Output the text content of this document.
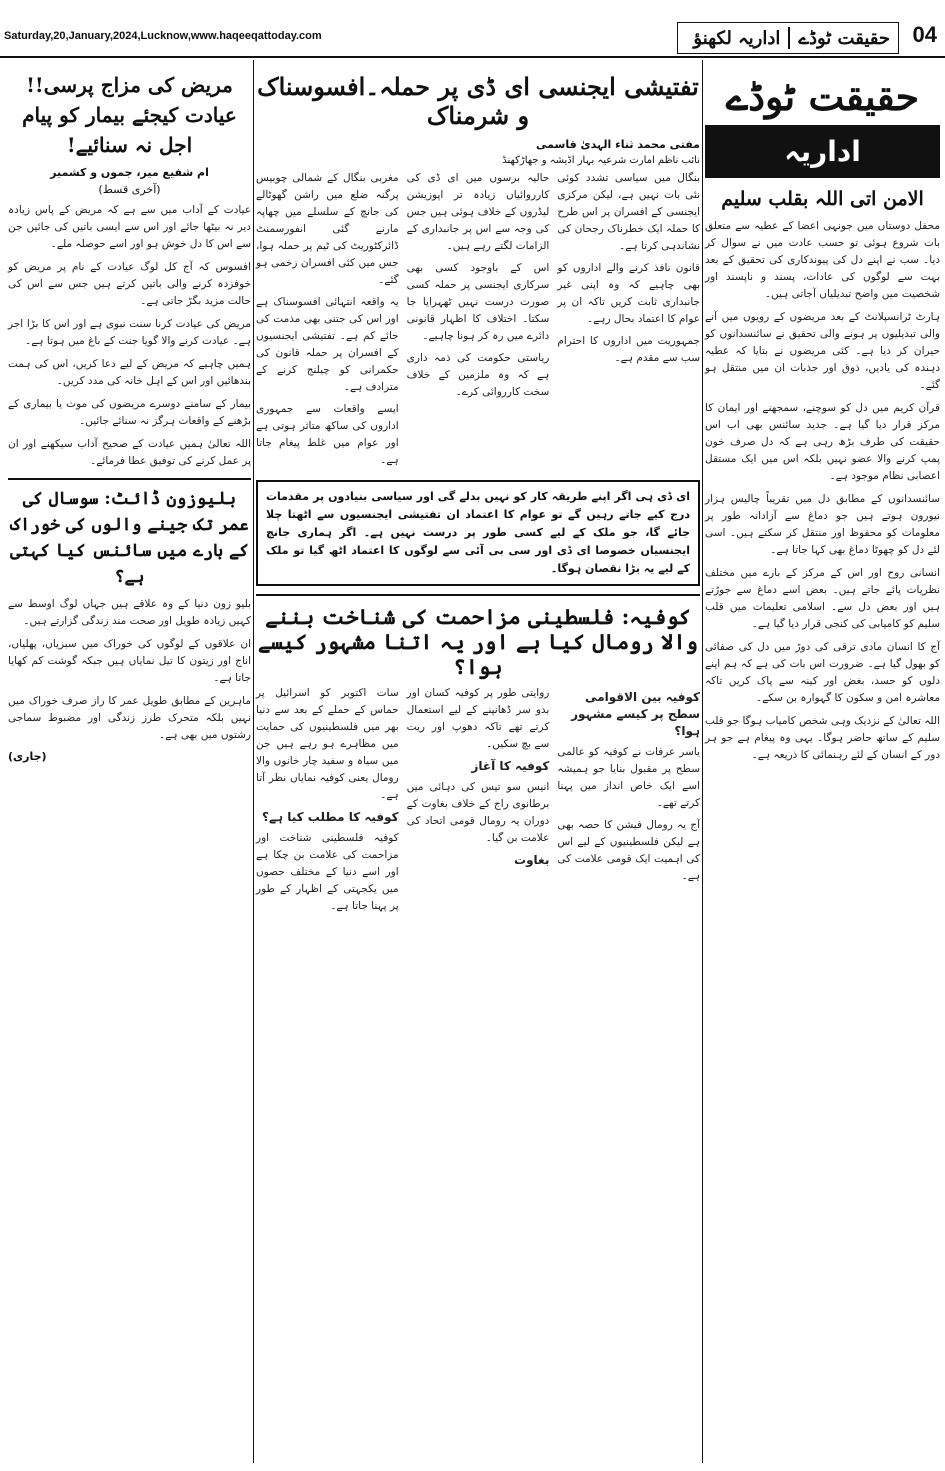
Saturday,20,January,2024,Lucknow,www.haqeeqattoday.com	حقیقت ٹوڈے
اداریہ لکھنؤ	04
حقیقت ٹوڈے
اداریہ
الامن اتی اللہ بقلب سلیم

محفل دوستاں میں جونہی اعضا کے عطیہ سے متعلق بات شروع ہوئی تو حسب عادت میں نے سوال کر دیا۔ سب نے اپنے دل کی پیوندکاری کی تحقیق کے بعد بہت سے لوگوں کی عادات، پسند و ناپسند اور شخصیت میں واضح تبدیلیاں آجاتی ہیں۔

ہارٹ ٹرانسپلانٹ کے بعد مریضوں کے رویوں میں آنے والی تبدیلیوں پر ہونے والی تحقیق نے سائنسدانوں کو حیران کر دیا ہے۔ کئی مریضوں نے بتایا کہ عطیہ دہندہ کی یادیں، ذوق اور جذبات ان میں منتقل ہو گئے۔

قرآن کریم میں دل کو سوچنے، سمجھنے اور ایمان کا مرکز قرار دیا گیا ہے۔ جدید سائنس بھی اب اس حقیقت کی طرف بڑھ رہی ہے کہ دل صرف خون پمپ کرنے والا عضو نہیں بلکہ اس میں ایک مستقل اعصابی نظام موجود ہے۔

سائنسدانوں کے مطابق دل میں تقریباً چالیس ہزار نیورون ہوتے ہیں جو دماغ سے آزادانہ طور پر معلومات کو محفوظ اور منتقل کر سکتے ہیں۔ اسی لئے دل کو چھوٹا دماغ بھی کہا جاتا ہے۔

انسانی روح اور اس کے مرکز کے بارے میں مختلف نظریات پائے جاتے ہیں۔ بعض اسے دماغ سے جوڑتے ہیں اور بعض دل سے۔ اسلامی تعلیمات میں قلب سلیم کو کامیابی کی کنجی قرار دیا گیا ہے۔

آج کا انسان مادی ترقی کی دوڑ میں دل کی صفائی کو بھول گیا ہے۔ ضرورت اس بات کی ہے کہ ہم اپنے دلوں کو حسد، بغض اور کینہ سے پاک کریں تاکہ معاشرہ امن و سکون کا گہوارہ بن سکے۔

اللہ تعالیٰ کے نزدیک وہی شخص کامیاب ہوگا جو قلب سلیم کے ساتھ حاضر ہوگا۔ یہی وہ پیغام ہے جو ہر دور کے انسان کے لئے رہنمائی کا ذریعہ ہے۔

تفتیشی ایجنسی ای ڈی پر حملہ۔افسوسناک و شرمناک
مفتی محمد ثناء الہدیٰ قاسمی
نائب ناظم امارت شرعیہ بہار اڈیشہ و جھاڑکھنڈ

مغربی بنگال کے شمالی چوبیس پرگنہ ضلع میں راشن گھوٹالے کی جانچ کے سلسلے میں چھاپہ مارنے گئی انفورسمنٹ ڈائرکٹوریٹ کی ٹیم پر حملہ ہوا، جس میں کئی افسران زخمی ہو گئے۔

یہ واقعہ انتہائی افسوسناک ہے اور اس کی جتنی بھی مذمت کی جائے کم ہے۔ تفتیشی ایجنسیوں کے افسران پر حملہ قانون کی حکمرانی کو چیلنج کرنے کے مترادف ہے۔

ایسے واقعات سے جمہوری اداروں کی ساکھ متاثر ہوتی ہے اور عوام میں غلط پیغام جاتا ہے۔

حالیہ برسوں میں ای ڈی کی کارروائیاں زیادہ تر اپوزیشن لیڈروں کے خلاف ہوئی ہیں جس کی وجہ سے اس پر جانبداری کے الزامات لگتے رہے ہیں۔

اس کے باوجود کسی بھی سرکاری ایجنسی پر حملہ کسی صورت درست نہیں ٹھہرایا جا سکتا۔ اختلاف کا اظہار قانونی دائرے میں رہ کر ہونا چاہیے۔

ریاستی حکومت کی ذمہ داری ہے کہ وہ ملزمین کے خلاف سخت کارروائی کرے۔

بنگال میں سیاسی تشدد کوئی نئی بات نہیں ہے، لیکن مرکزی ایجنسی کے افسران پر اس طرح کا حملہ ایک خطرناک رجحان کی نشاندہی کرتا ہے۔

قانون نافذ کرنے والے اداروں کو بھی چاہیے کہ وہ اپنی غیر جانبداری ثابت کریں تاکہ ان پر عوام کا اعتماد بحال رہے۔

جمہوریت میں اداروں کا احترام سب سے مقدم ہے۔

ای ڈی ہی اگر اپنے طریقہ کار کو نہیں بدلے گی اور سیاسی بنیادوں پر مقدمات درج کیے جاتے رہیں گے تو عوام کا اعتماد ان تفتیشی ایجنسیوں سے اٹھتا چلا جائے گا، جو ملک کے لیے کسی طور پر درست نہیں ہے۔ اگر ہماری جانچ ایجنسیاں خصوصا ای ڈی اور سی بی آئی سے لوگوں کا اعتماد اٹھ گیا تو ملک کے لیے یہ بڑا نقصان ہوگا۔
کوفیہ: فلسطینی مزاحمت کی شناخت بننے والا رومال کیا ہے اور یہ اتنا مشہور کیسے ہوا؟

سات اکتوبر کو اسرائیل پر حماس کے حملے کے بعد سے دنیا بھر میں فلسطینیوں کی حمایت میں مظاہرے ہو رہے ہیں جن میں سیاہ و سفید چار خانوں والا رومال یعنی کوفیہ نمایاں نظر آتا ہے۔

کوفیہ کا مطلب کیا ہے؟

کوفیہ فلسطینی شناخت اور مزاحمت کی علامت بن چکا ہے اور اسے دنیا کے مختلف حصوں میں یکجہتی کے اظہار کے طور پر پہنا جاتا ہے۔

روایتی طور پر کوفیہ کسان اور بدو سر ڈھانپنے کے لیے استعمال کرتے تھے تاکہ دھوپ اور ریت سے بچ سکیں۔

کوفیہ کا آغاز

انیس سو تیس کی دہائی میں برطانوی راج کے خلاف بغاوت کے دوران یہ رومال قومی اتحاد کی علامت بن گیا۔

بغاوت
کوفیہ بین الاقوامی سطح پر کیسے مشہور ہوا؟

یاسر عرفات نے کوفیہ کو عالمی سطح پر مقبول بنایا جو ہمیشہ اسے ایک خاص انداز میں پہنا کرتے تھے۔

آج یہ رومال فیشن کا حصہ بھی ہے لیکن فلسطینیوں کے لیے اس کی اہمیت ایک قومی علامت کی ہے۔

مریض کی مزاج پرسی!! عیادت کیجئے بیمار کو پیام اجل نہ سنائیے!
ام شفیع میر، جموں و کشمیر
(آخری قسط)

عیادت کے آداب میں سے ہے کہ مریض کے پاس زیادہ دیر نہ بیٹھا جائے اور اس سے ایسی باتیں کی جائیں جن سے اس کا دل خوش ہو اور اسے حوصلہ ملے۔

افسوس کہ آج کل لوگ عیادت کے نام پر مریض کو خوفزدہ کرنے والی باتیں کرتے ہیں جس سے اس کی حالت مزید بگڑ جاتی ہے۔

مریض کی عیادت کرنا سنت نبوی ہے اور اس کا بڑا اجر ہے۔ عیادت کرنے والا گویا جنت کے باغ میں ہوتا ہے۔

ہمیں چاہیے کہ مریض کے لیے دعا کریں، اس کی ہمت بندھائیں اور اس کے اہل خانہ کی مدد کریں۔

بیمار کے سامنے دوسرے مریضوں کی موت یا بیماری کے بڑھنے کے واقعات ہرگز نہ سنائے جائیں۔

اللہ تعالیٰ ہمیں عیادت کے صحیح آداب سیکھنے اور ان پر عمل کرنے کی توفیق عطا فرمائے۔

بلیوزون ڈائٹ: سوسال کی عمر تک جینے والوں کی خوراک کے بارے میں سائنس کیا کہتی ہے؟

بلیو زون دنیا کے وہ علاقے ہیں جہاں لوگ اوسط سے کہیں زیادہ طویل اور صحت مند زندگی گزارتے ہیں۔

ان علاقوں کے لوگوں کی خوراک میں سبزیاں، پھلیاں، اناج اور زیتون کا تیل نمایاں ہیں جبکہ گوشت کم کھایا جاتا ہے۔

ماہرین کے مطابق طویل عمر کا راز صرف خوراک میں نہیں بلکہ متحرک طرز زندگی اور مضبوط سماجی رشتوں میں بھی ہے۔

(جاری)
